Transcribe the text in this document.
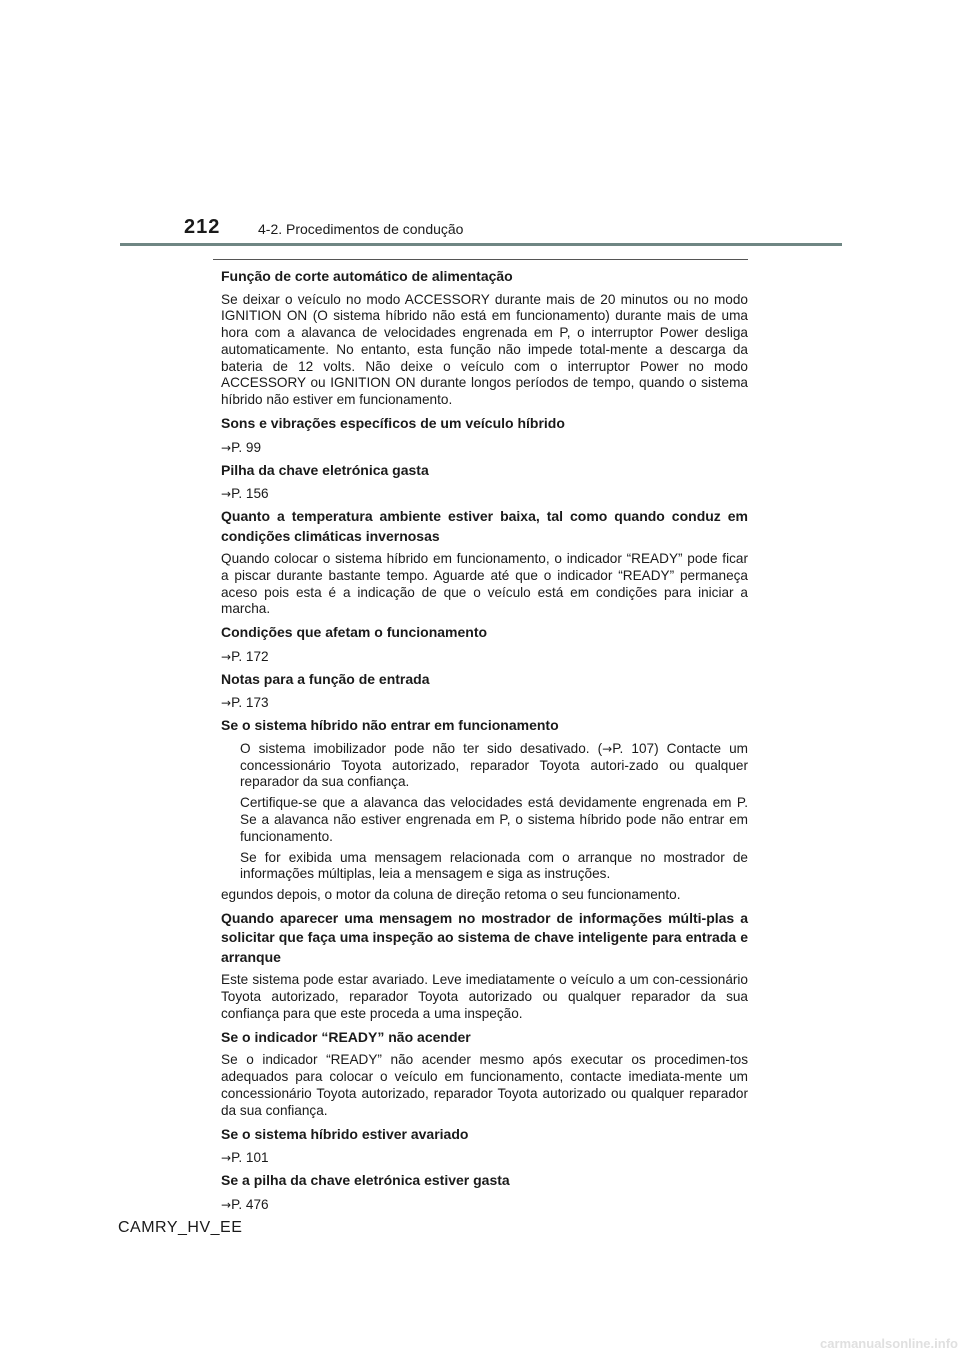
212	4-2. Procedimentos de condução

Função de corte automático de alimentação

Se deixar o veículo no modo ACCESSORY durante mais de 20 minutos ou no modo IGNITION ON (O sistema híbrido não está em funcionamento) durante mais de uma hora com a alavanca de velocidades engrenada em P, o interruptor Power desliga automaticamente. No entanto, esta função não impede total-mente a descarga da bateria de 12 volts. Não deixe o veículo com o interruptor Power no modo ACCESSORY ou IGNITION ON durante longos períodos de tempo, quando o sistema híbrido não estiver em funcionamento.

Sons e vibrações específicos de um veículo híbrido

→P. 99

Pilha da chave eletrónica gasta

→P. 156

Quanto a temperatura ambiente estiver baixa, tal como quando conduz em condições climáticas invernosas

Quando colocar o sistema híbrido em funcionamento, o indicador “READY” pode ficar a piscar durante bastante tempo. Aguarde até que o indicador “READY” permaneça aceso pois esta é a indicação de que o veículo está em condições para iniciar a marcha.

Condições que afetam o funcionamento

→P. 172

Notas para a função de entrada

→P. 173

Se o sistema híbrido não entrar em funcionamento

O sistema imobilizador pode não ter sido desativado. (→P. 107) Contacte um concessionário Toyota autorizado, reparador Toyota autori-zado ou qualquer reparador da sua confiança.

Certifique-se que a alavanca das velocidades está devidamente engrenada em P. Se a alavanca não estiver engrenada em P, o sistema híbrido pode não entrar em funcionamento.

Se for exibida uma mensagem relacionada com o arranque no mostrador de informações múltiplas, leia a mensagem e siga as instruções.

egundos depois, o motor da coluna de direção retoma o seu funcionamento.

Quando aparecer uma mensagem no mostrador de informações múlti-plas a solicitar que faça uma inspeção ao sistema de chave inteligente para entrada e arranque

Este sistema pode estar avariado. Leve imediatamente o veículo a um con-cessionário Toyota autorizado, reparador Toyota autorizado ou qualquer reparador da sua confiança para que este proceda a uma inspeção.

Se o indicador “READY” não acender

Se o indicador “READY” não acender mesmo após executar os procedimen-tos adequados para colocar o veículo em funcionamento, contacte imediata-mente um concessionário Toyota autorizado, reparador Toyota autorizado ou qualquer reparador da sua confiança.

Se o sistema híbrido estiver avariado

→P. 101

Se a pilha da chave eletrónica estiver gasta

→P. 476

CAMRY_HV_EE
carmanualsonline.info
